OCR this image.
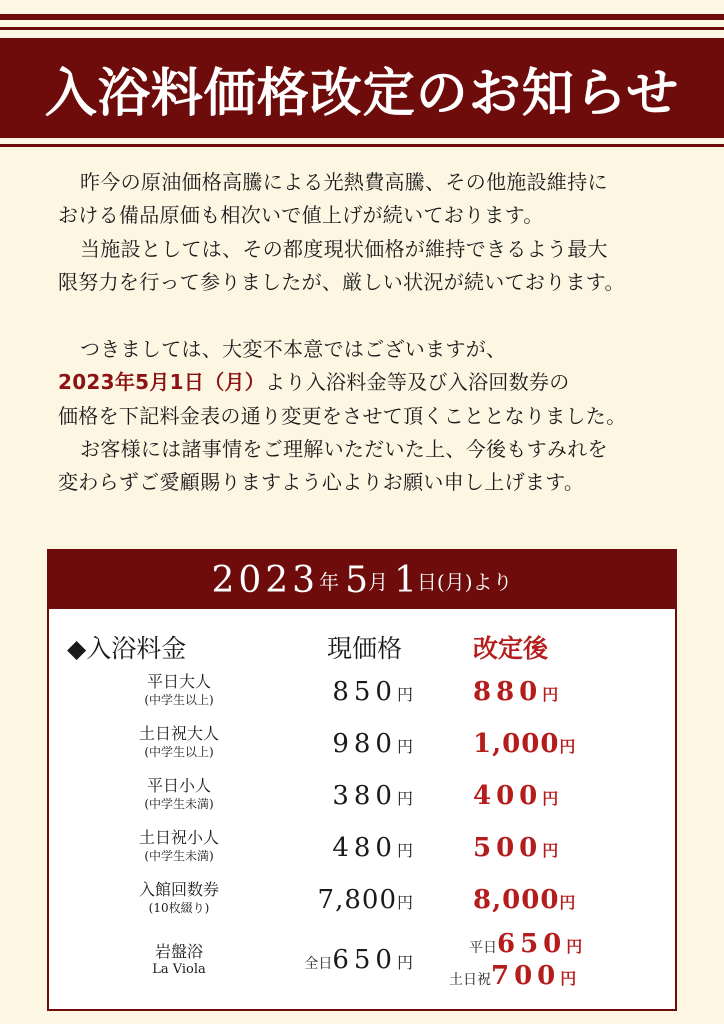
入浴料価格改定のお知らせ

昨今の原油価格高騰による光熱費高騰、その他施設維持に

おける備品原価も相次いで値上げが続いております。

当施設としては、その都度現状価格が維持できるよう最大

限努力を行って参りましたが、厳しい状況が続いております。

つきましては、大変不本意ではございますが、

2023年5月1日（月）より入浴料金等及び入浴回数券の

価格を下記料金表の通り変更をさせて頂くこととなりました。

お客様には諸事情をご理解いただいた上、今後もすみれを

変わらずご愛顧賜りますよう心よりお願い申し上げます。

2023 年 5 月 1 日 (月) より
◆入浴料金	現価格	改定後
平日大人
(中学生以上)	850円 880円
土日祝大人
(中学生以上)	980円 1,000円
平日小人
(中学生未満)	380円 400円
土日祝小人
(中学生未満)	480円 500円
入館回数券
(10枚綴り)	7,800円 8,000円
岩盤浴
La Viola	全日650円
平日650円
土日祝700円
